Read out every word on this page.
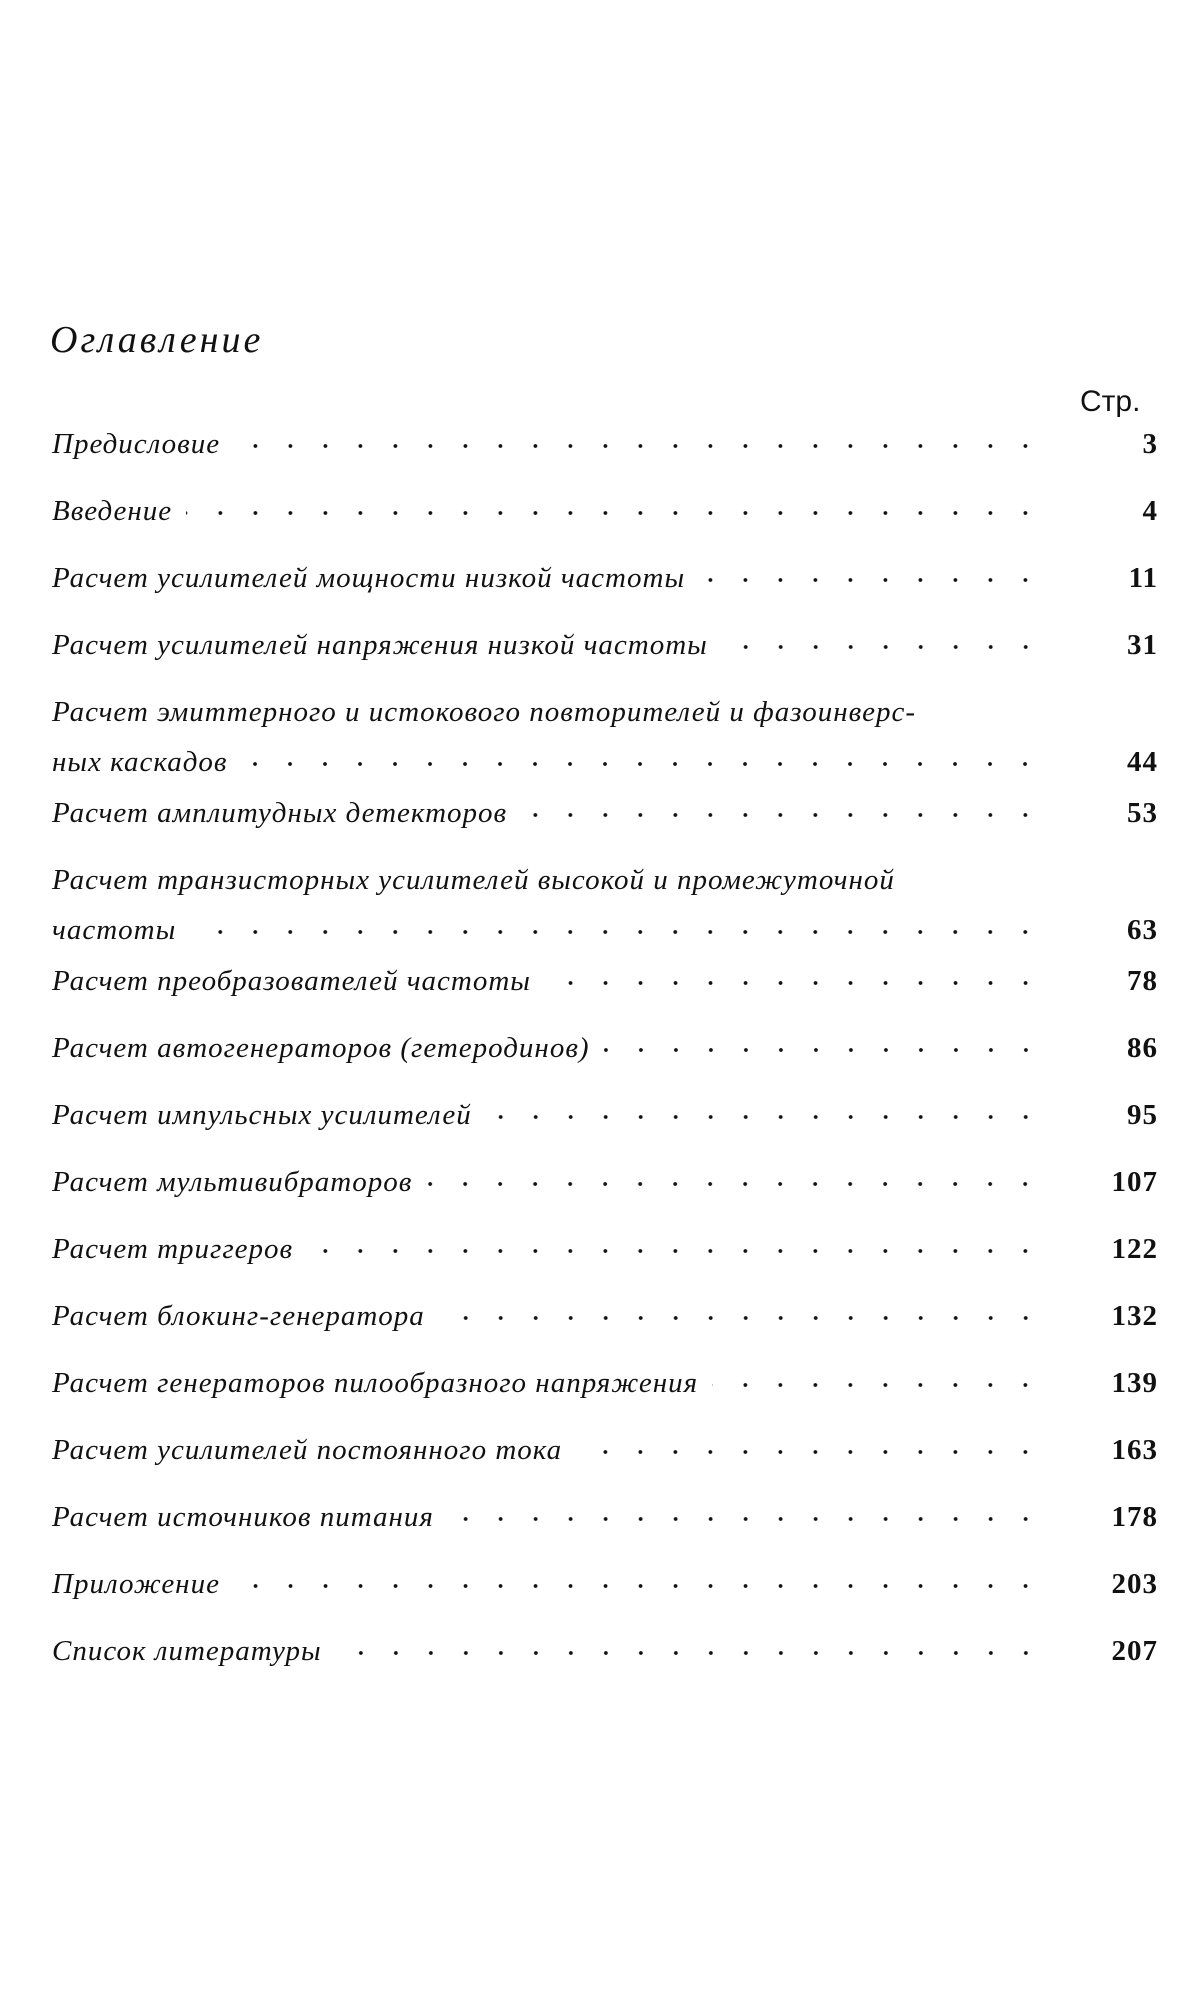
Оглавление
Стр.
Предисловие	3
Введение	4
Расчет усилителей мощности низкой частоты	11
Расчет усилителей напряжения низкой частоты	31
Расчет эмиттерного и истокового повторителей и фазоинверс-
ных каскадов	44
Расчет амплитудных детекторов	53
Расчет транзисторных усилителей высокой и промежуточной
частоты	63
Расчет преобразователей частоты	78
Расчет автогенераторов (гетеродинов)	86
Расчет импульсных усилителей	95
Расчет мультивибраторов	107
Расчет триггеров	122
Расчет блокинг-генератора	132
Расчет генераторов пилообразного напряжения	139
Расчет усилителей постоянного тока	163
Расчет источников питания	178
Приложение	203
Список литературы	207
